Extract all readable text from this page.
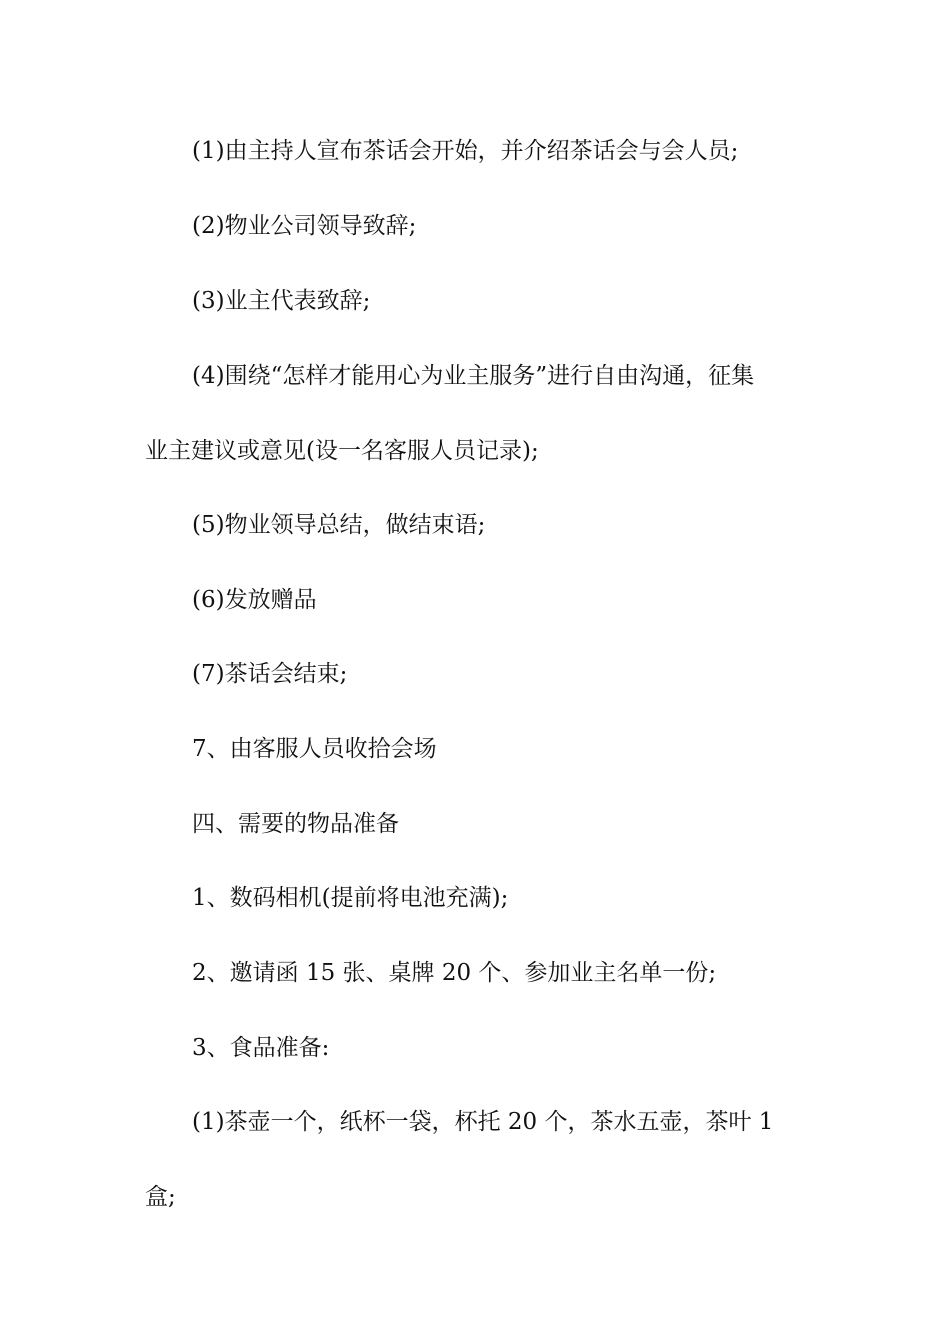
(1)由主持人宣布茶话会开始，并介绍茶话会与会人员;

(2)物业公司领导致辞;

(3)业主代表致辞;

(4)围绕“怎样才能用心为业主服务”进行自由沟通，征集

业主建议或意见(设一名客服人员记录);

(5)物业领导总结，做结束语;

(6)发放赠品

(7)茶话会结束;

7、由客服人员收拾会场

四、需要的物品准备

1、数码相机(提前将电池充满);

2、邀请函 15 张、桌牌 20 个、参加业主名单一份;

3、食品准备:

(1)茶壶一个，纸杯一袋，杯托 20 个，茶水五壶，茶叶 1

盒;
